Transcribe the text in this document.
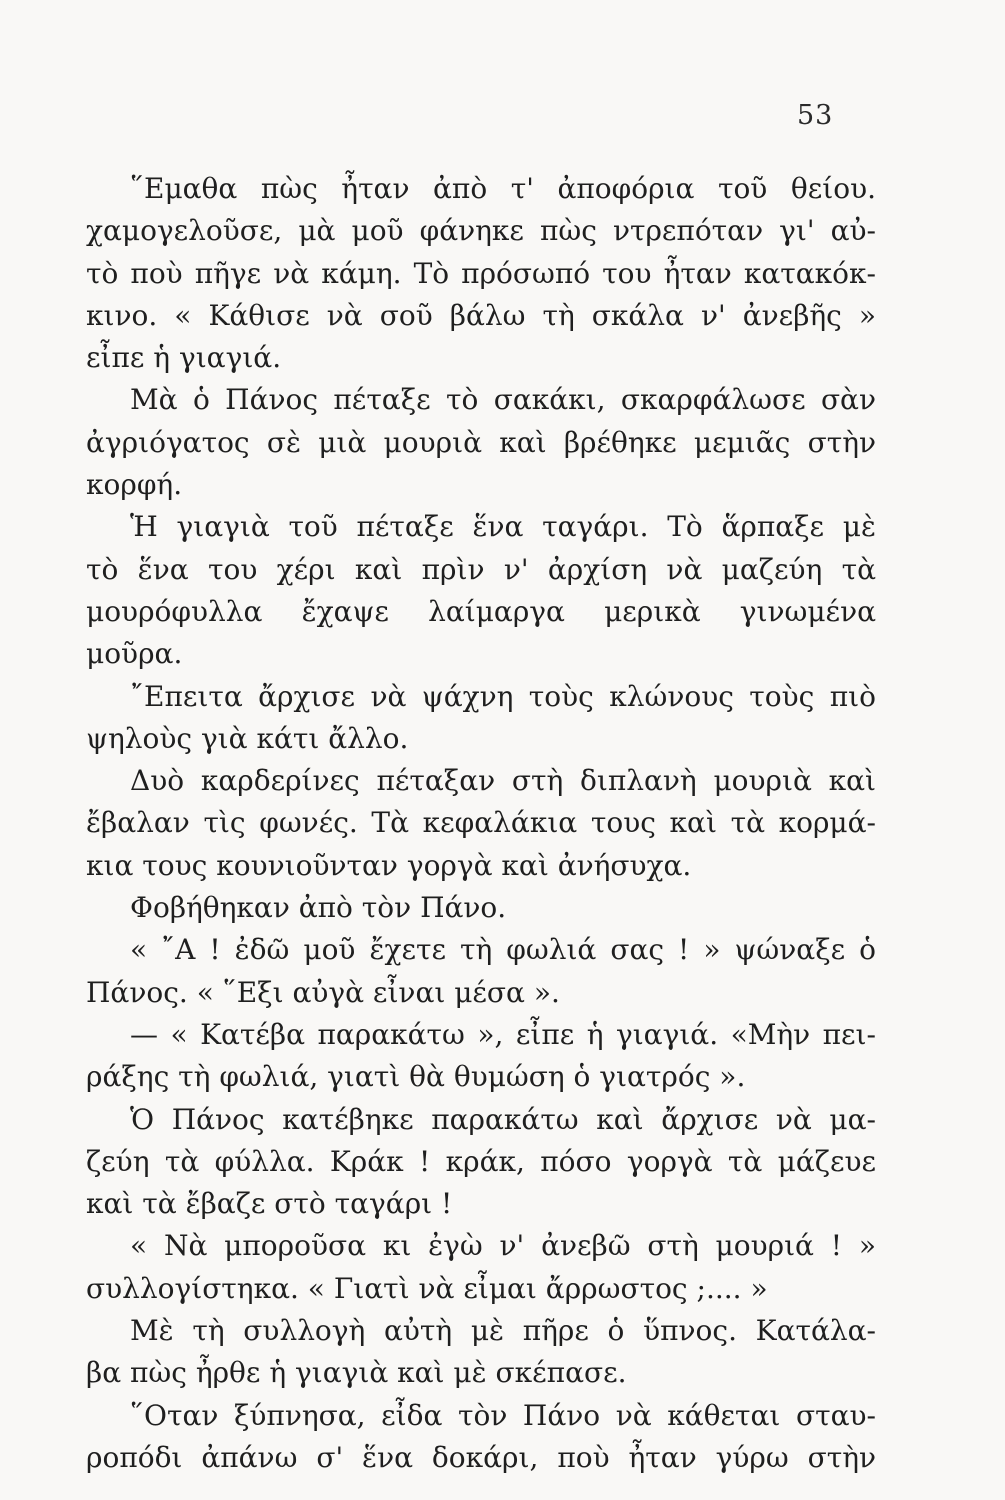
53
῞Εμαθα πὼς ἦταν ἀπὸ τ' ἀποφόρια τοῦ θείου.
χαμογελοῦσε, μὰ μοῦ φάνηκε πὼς ντρεπόταν γι' αὐ-
τὸ ποὺ πῆγε νὰ κάμη. Τὸ πρόσωπό του ἦταν κατακόκ-
κινο. « Κάθισε νὰ σοῦ βάλω τὴ σκάλα ν' ἀνεβῆς »
εἶπε ἡ γιαγιά.
Μὰ ὁ Πάνος πέταξε τὸ σακάκι, σκαρφάλωσε σὰν
ἀγριόγατος σὲ μιὰ μουριὰ καὶ βρέθηκε μεμιᾶς στὴν
κορφή.
Ἡ γιαγιὰ τοῦ πέταξε ἕνα ταγάρι. Τὸ ἅρπαξε μὲ
τὸ ἕνα του χέρι καὶ πρὶν ν' ἀρχίση νὰ μαζεύη τὰ
μουρόφυλλα ἔχαψε λαίμαργα μερικὰ γινωμένα
μοῦρα.
῎Επειτα ἄρχισε νὰ ψάχνη τοὺς κλώνους τοὺς πιὸ
ψηλοὺς γιὰ κάτι ἄλλο.
Δυὸ καρδερίνες πέταξαν στὴ διπλανὴ μουριὰ καὶ
ἔβαλαν τὶς φωνές. Τὰ κεφαλάκια τους καὶ τὰ κορμά-
κια τους κουνιοῦνταν γοργὰ καὶ ἀνήσυχα.
Φοβήθηκαν ἀπὸ τὸν Πάνο.
« ῎Α ! ἐδῶ μοῦ ἔχετε τὴ φωλιά σας ! » ψώναξε ὁ
Πάνος. « ῞Εξι αὐγὰ εἶναι μέσα ».
— « Κατέβα παρακάτω », εἶπε ἡ γιαγιά. «Μὴν πει-
ράξης τὴ φωλιά, γιατὶ θὰ θυμώση ὁ γιατρός ».
Ὁ Πάνος κατέβηκε παρακάτω καὶ ἄρχισε νὰ μα-
ζεύη τὰ φύλλα. Κράκ ! κράκ, πόσο γοργὰ τὰ μάζευε
καὶ τὰ ἔβαζε στὸ ταγάρι !
« Νὰ μποροῦσα κι ἐγὼ ν' ἀνεβῶ στὴ μουριά ! »
συλλογίστηκα. « Γιατὶ νὰ εἶμαι ἄρρωστος ;.... »
Μὲ τὴ συλλογὴ αὐτὴ μὲ πῆρε ὁ ὕπνος. Κατάλα-
βα πὼς ἦρθε ἡ γιαγιὰ καὶ μὲ σκέπασε.
῞Οταν ξύπνησα, εἶδα τὸν Πάνο νὰ κάθεται σταυ-
ροπόδι ἀπάνω σ' ἕνα δοκάρι, ποὺ ἦταν γύρω στὴν
